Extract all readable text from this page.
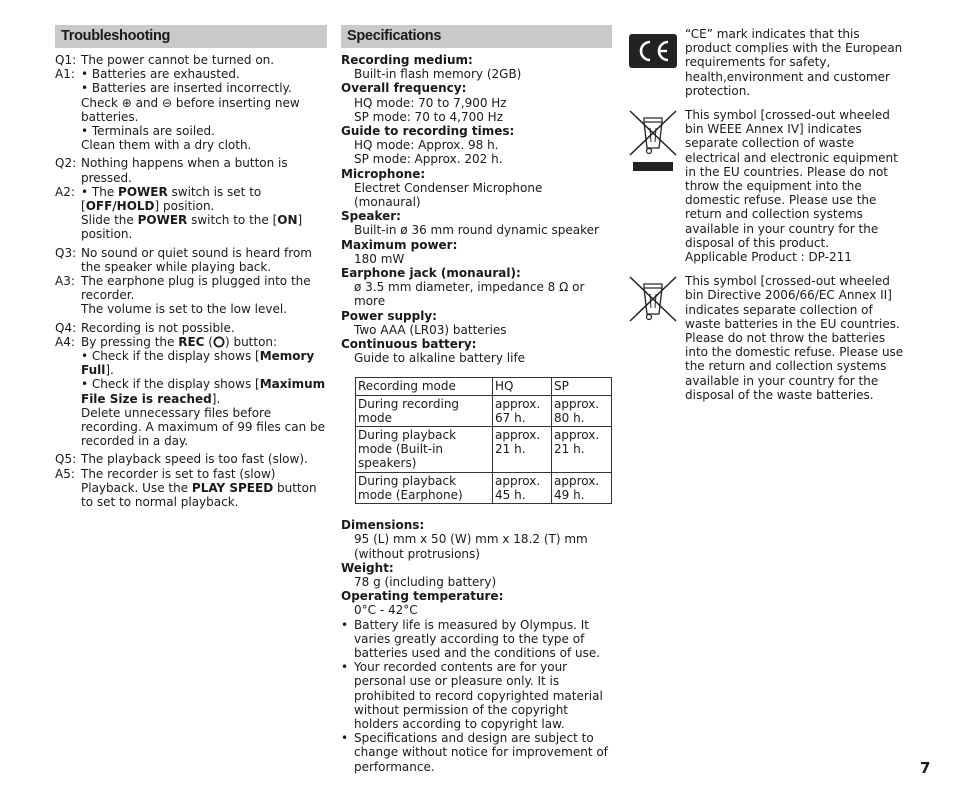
Troubleshooting
Q1: The power cannot be turned on.
A1: • Batteries are exhausted.
• Batteries are inserted incorrectly.
Check ⊕ and ⊖ before inserting new batteries.
• Terminals are soiled.
Clean them with a dry cloth.
Q2: Nothing happens when a button is pressed.
A2: • The POWER switch is set to [OFF/HOLD] position.
Slide the POWER switch to the [ON] position.
Q3: No sound or quiet sound is heard from the speaker while playing back.
A3: The earphone plug is plugged into the recorder.
The volume is set to the low level.
Q4: Recording is not possible.
A4: By pressing the REC ( ) button:
• Check if the display shows [Memory Full].
• Check if the display shows [Maximum File Size is reached].
Delete unnecessary files before recording. A maximum of 99 files can be recorded in a day.
Q5: The playback speed is too fast (slow).
A5: The recorder is set to fast (slow) Playback. Use the PLAY SPEED button to set to normal playback.
Specifications
Recording medium:
Built-in flash memory (2GB)
Overall frequency:
HQ mode: 70 to 7,900 Hz
SP mode: 70 to 4,700 Hz
Guide to recording times:
HQ mode: Approx. 98 h.
SP mode: Approx. 202 h.
Microphone:
Electret Condenser Microphone (monaural)
Speaker:
Built-in ø 36 mm round dynamic speaker
Maximum power:
180 mW
Earphone jack (monaural):
ø 3.5 mm diameter, impedance 8 Ω or more
Power supply:
Two AAA (LR03) batteries
Continuous battery:
Guide to alkaline battery life
Recording mode	HQ	SP
During recording mode	approx. 67 h.	approx. 80 h.
During playback mode (Built-in speakers)	approx. 21 h.	approx. 21 h.
During playback mode (Earphone)	approx. 45 h.	approx. 49 h.
Dimensions:
95 (L) mm x 50 (W) mm x 18.2 (T) mm (without protrusions)
Weight:
78 g (including battery)
Operating temperature:
0°C - 42°C
• Battery life is measured by Olympus. It varies greatly according to the type of batteries used and the conditions of use.
• Your recorded contents are for your personal use or pleasure only. It is prohibited to record copyrighted material without permission of the copyright holders according to copyright law.
• Specifications and design are subject to change without notice for improvement of performance.
“CE” mark indicates that this product complies with the European requirements for safety, health,environment and customer protection.
This symbol [crossed-out wheeled bin WEEE Annex IV] indicates separate collection of waste electrical and electronic equipment in the EU countries. Please do not throw the equipment into the domestic refuse. Please use the return and collection systems available in your country for the disposal of this product.
Applicable Product : DP-211
This symbol [crossed-out wheeled bin Directive 2006/66/EC Annex II] indicates separate collection of waste batteries in the EU countries. Please do not throw the batteries into the domestic refuse. Please use the return and collection systems available in your country for the disposal of the waste batteries.
7
